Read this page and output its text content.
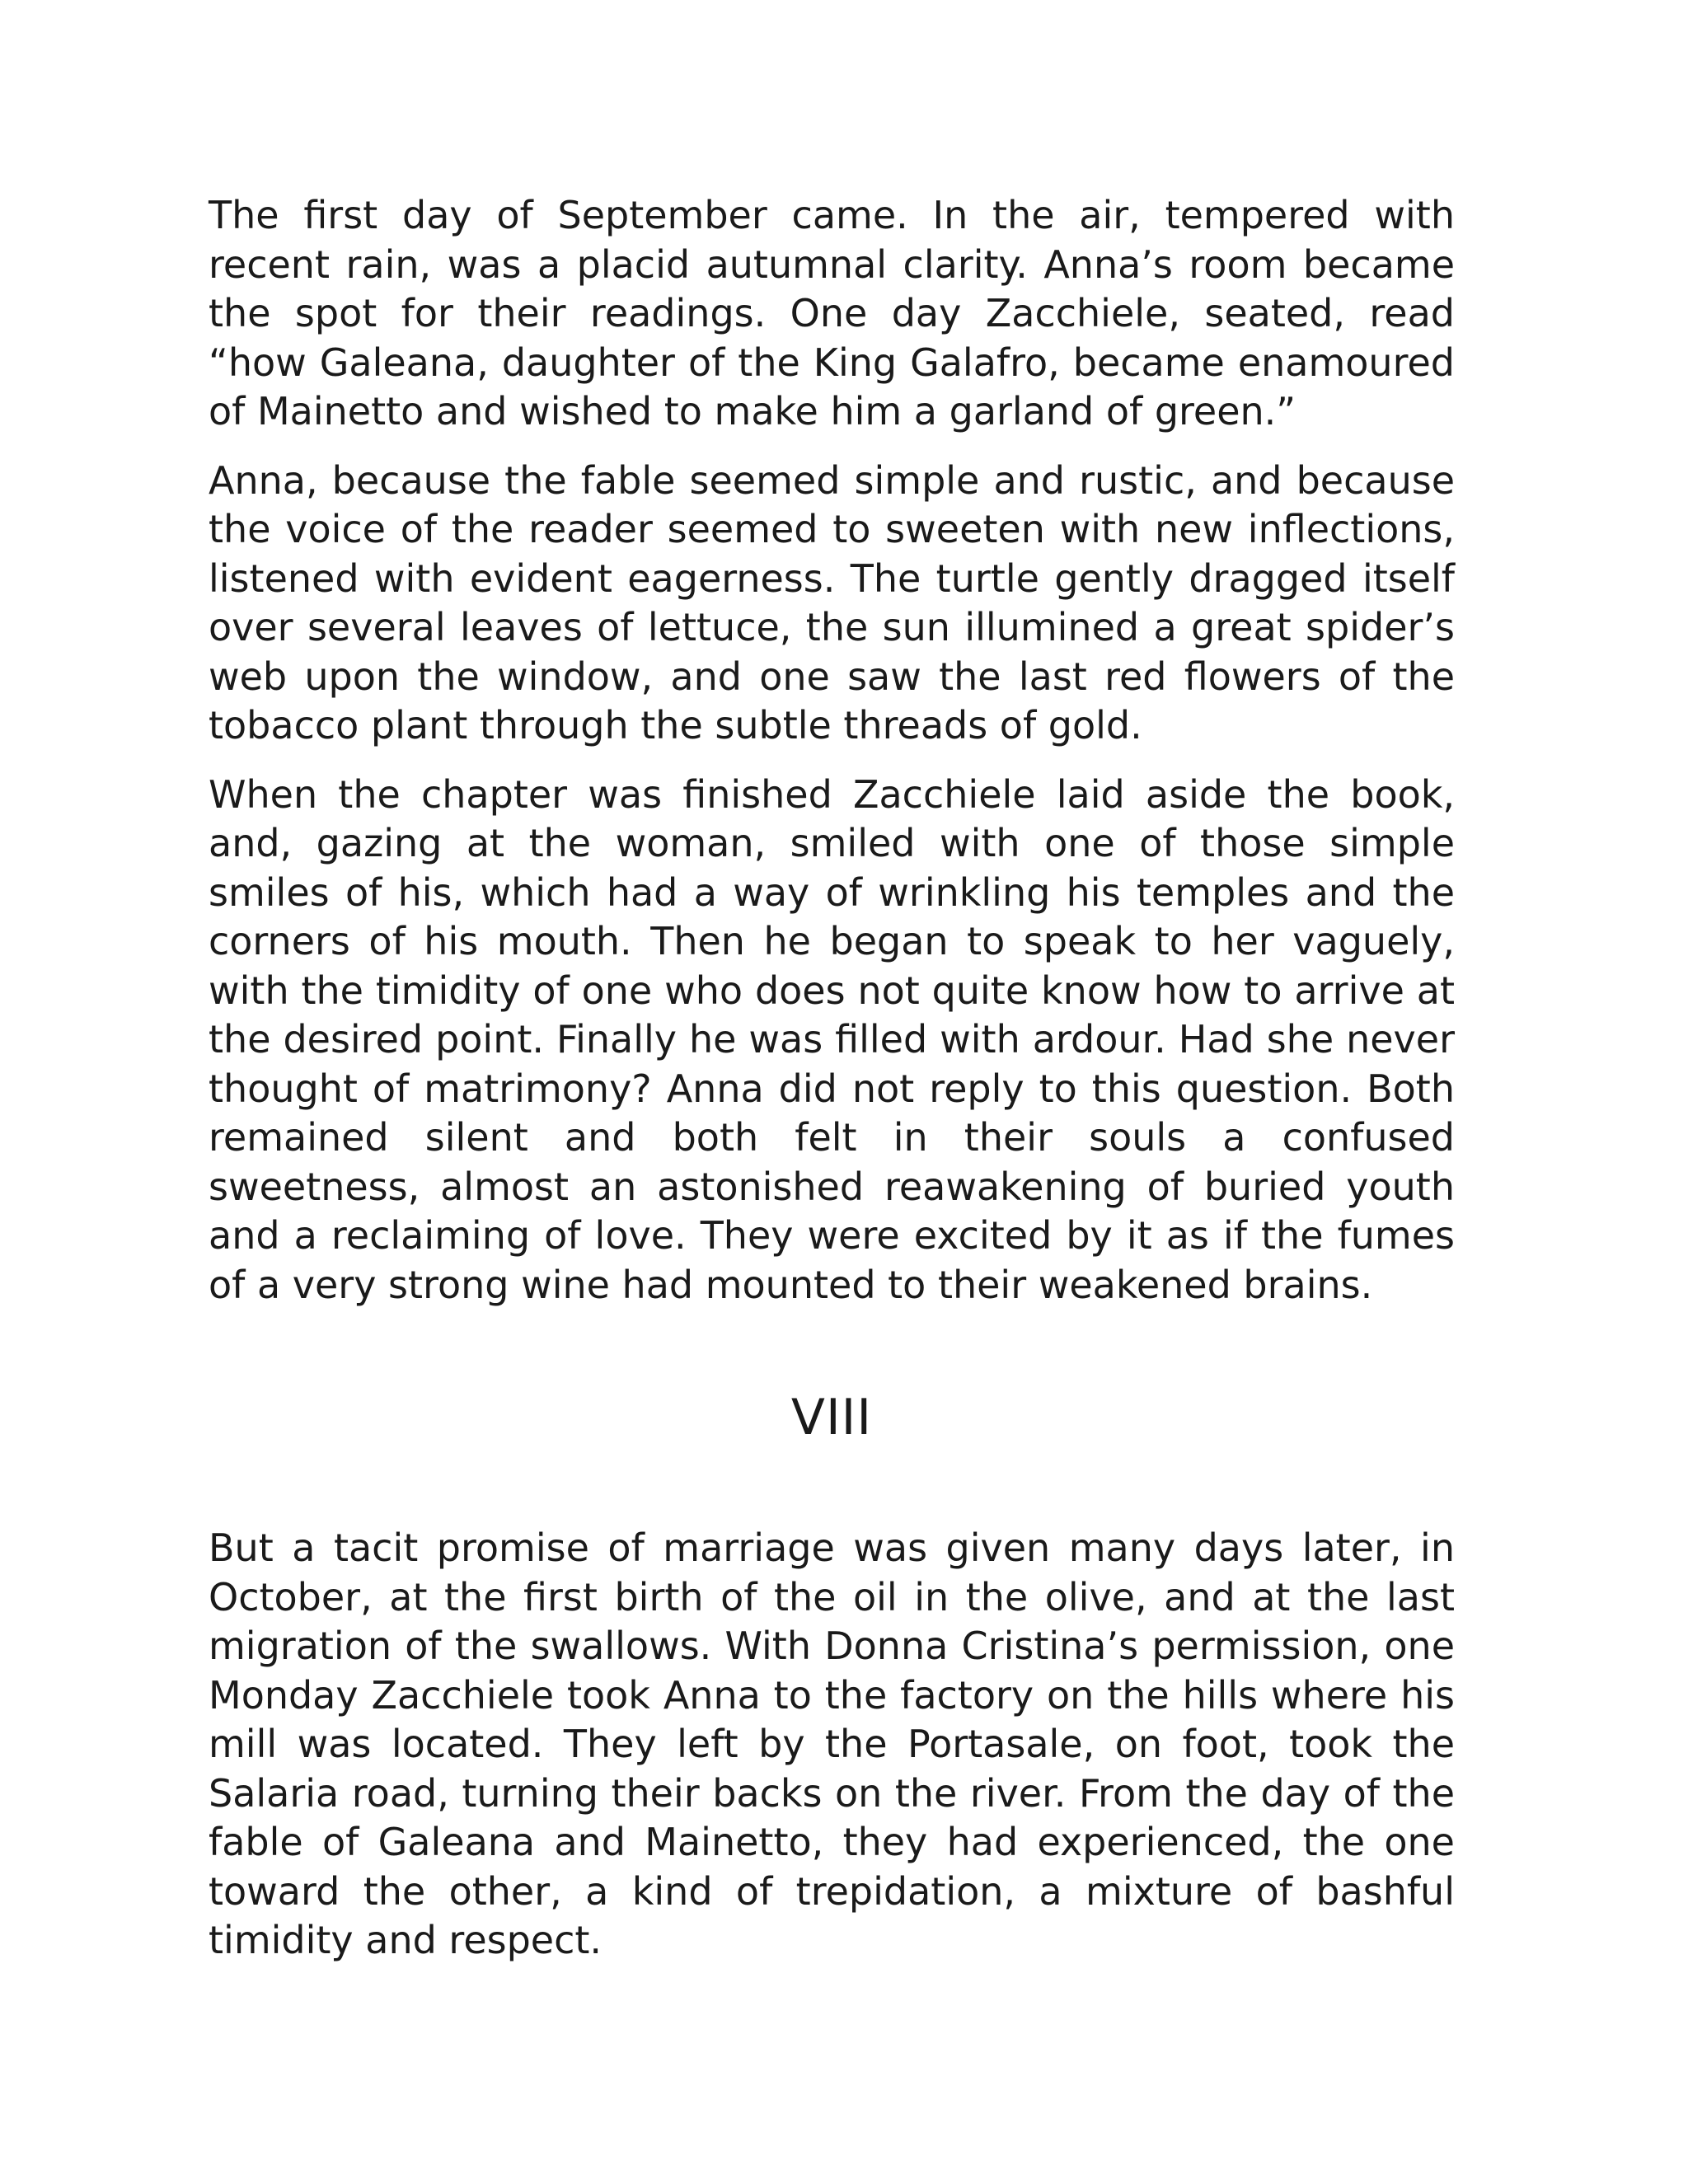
The first day of September came. In the air, tempered with recent rain, was a placid autumnal clarity. Anna’s room became the spot for their readings. One day Zacchiele, seated, read “how Galeana, daughter of the King Galafro, became enamoured of Mainetto and wished to make him a garland of green.”

Anna, because the fable seemed simple and rustic, and because the voice of the reader seemed to sweeten with new inflections, listened with evident eagerness. The turtle gently dragged itself over several leaves of lettuce, the sun illumined a great spider’s web upon the window, and one saw the last red flowers of the tobacco plant through the subtle threads of gold.

When the chapter was finished Zacchiele laid aside the book, and, gazing at the woman, smiled with one of those simple smiles of his, which had a way of wrinkling his temples and the corners of his mouth. Then he began to speak to her vaguely, with the timidity of one who does not quite know how to arrive at the desired point. Finally he was filled with ardour. Had she never thought of matrimony? Anna did not reply to this question. Both remained silent and both felt in their souls a confused sweetness, almost an astonished reawakening of buried youth and a reclaiming of love. They were excited by it as if the fumes of a very strong wine had mounted to their weakened brains.

VIII

But a tacit promise of marriage was given many days later, in October, at the first birth of the oil in the olive, and at the last migration of the swallows. With Donna Cristina’s permission, one Monday Zacchiele took Anna to the factory on the hills where his mill was located. They left by the Portasale, on foot, took the Salaria road, turning their backs on the river. From the day of the fable of Galeana and Mainetto, they had experienced, the one toward the other, a kind of trepidation, a mixture of bashful timidity and respect.
